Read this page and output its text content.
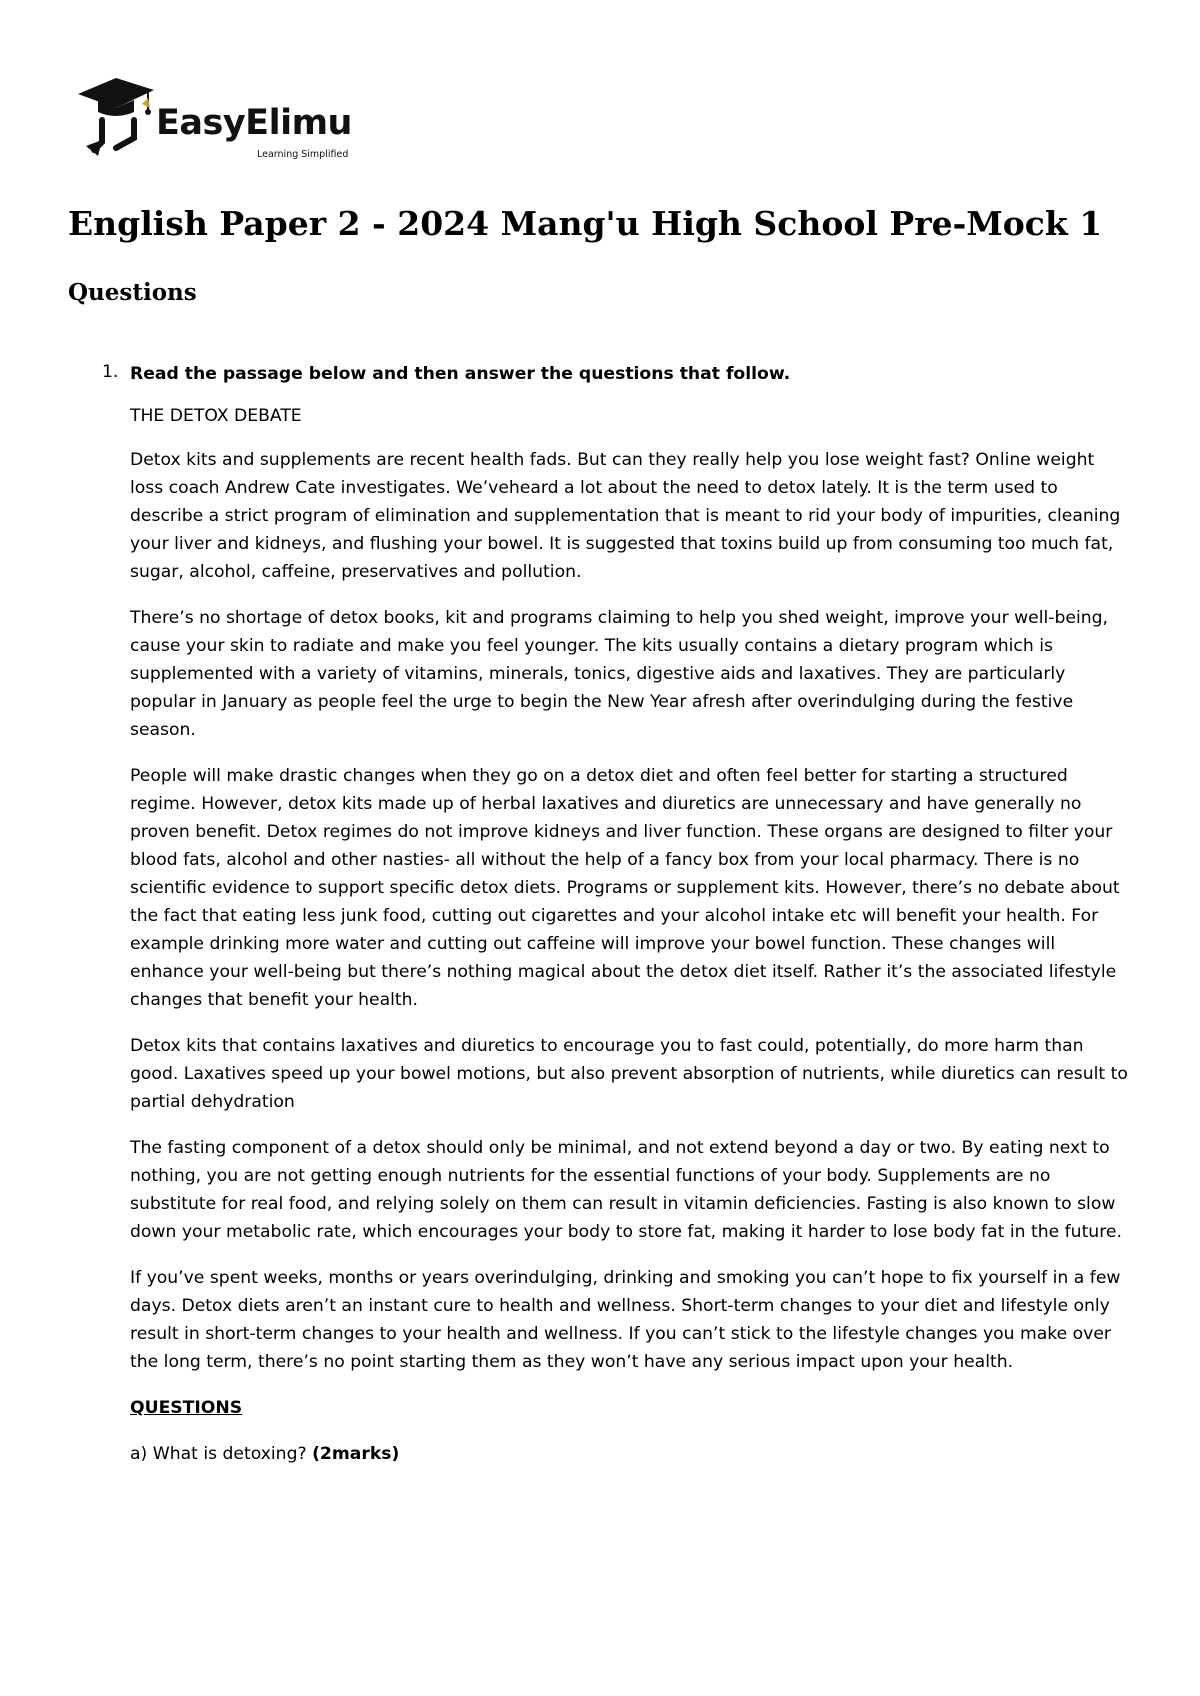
EasyElimu
Learning Simplified
English Paper 2 - 2024 Mang'u High School Pre-Mock 1
Questions
1. Read the passage below and then answer the questions that follow.

THE DETOX DEBATE

Detox kits and supplements are recent health fads. But can they really help you lose weight fast? Online weight loss coach Andrew Cate investigates. We’veheard a lot about the need to detox lately. It is the term used to describe a strict program of elimination and supplementation that is meant to rid your body of impurities, cleaning your liver and kidneys, and flushing your bowel. It is suggested that toxins build up from consuming too much fat, sugar, alcohol, caffeine, preservatives and pollution.

There’s no shortage of detox books, kit and programs claiming to help you shed weight, improve your well-being, cause your skin to radiate and make you feel younger. The kits usually contains a dietary program which is supplemented with a variety of vitamins, minerals, tonics, digestive aids and laxatives. They are particularly popular in January as people feel the urge to begin the New Year afresh after overindulging during the festive season.

People will make drastic changes when they go on a detox diet and often feel better for starting a structured regime. However, detox kits made up of herbal laxatives and diuretics are unnecessary and have generally no proven benefit. Detox regimes do not improve kidneys and liver function. These organs are designed to filter your blood fats, alcohol and other nasties- all without the help of a fancy box from your local pharmacy. There is no scientific evidence to support specific detox diets. Programs or supplement kits. However, there’s no debate about the fact that eating less junk food, cutting out cigarettes and your alcohol intake etc will benefit your health. For example drinking more water and cutting out caffeine will improve your bowel function. These changes will enhance your well-being but there’s nothing magical about the detox diet itself. Rather it’s the associated lifestyle changes that benefit your health.

Detox kits that contains laxatives and diuretics to encourage you to fast could, potentially, do more harm than good. Laxatives speed up your bowel motions, but also prevent absorption of nutrients, while diuretics can result to partial dehydration

The fasting component of a detox should only be minimal, and not extend beyond a day or two. By eating next to nothing, you are not getting enough nutrients for the essential functions of your body. Supplements are no substitute for real food, and relying solely on them can result in vitamin deficiencies. Fasting is also known to slow down your metabolic rate, which encourages your body to store fat, making it harder to lose body fat in the future.

If you’ve spent weeks, months or years overindulging, drinking and smoking you can’t hope to fix yourself in a few days. Detox diets aren’t an instant cure to health and wellness. Short-term changes to your diet and lifestyle only result in short-term changes to your health and wellness. If you can’t stick to the lifestyle changes you make over the long term, there’s no point starting them as they won’t have any serious impact upon your health.

QUESTIONS

a) What is detoxing? (2marks)
